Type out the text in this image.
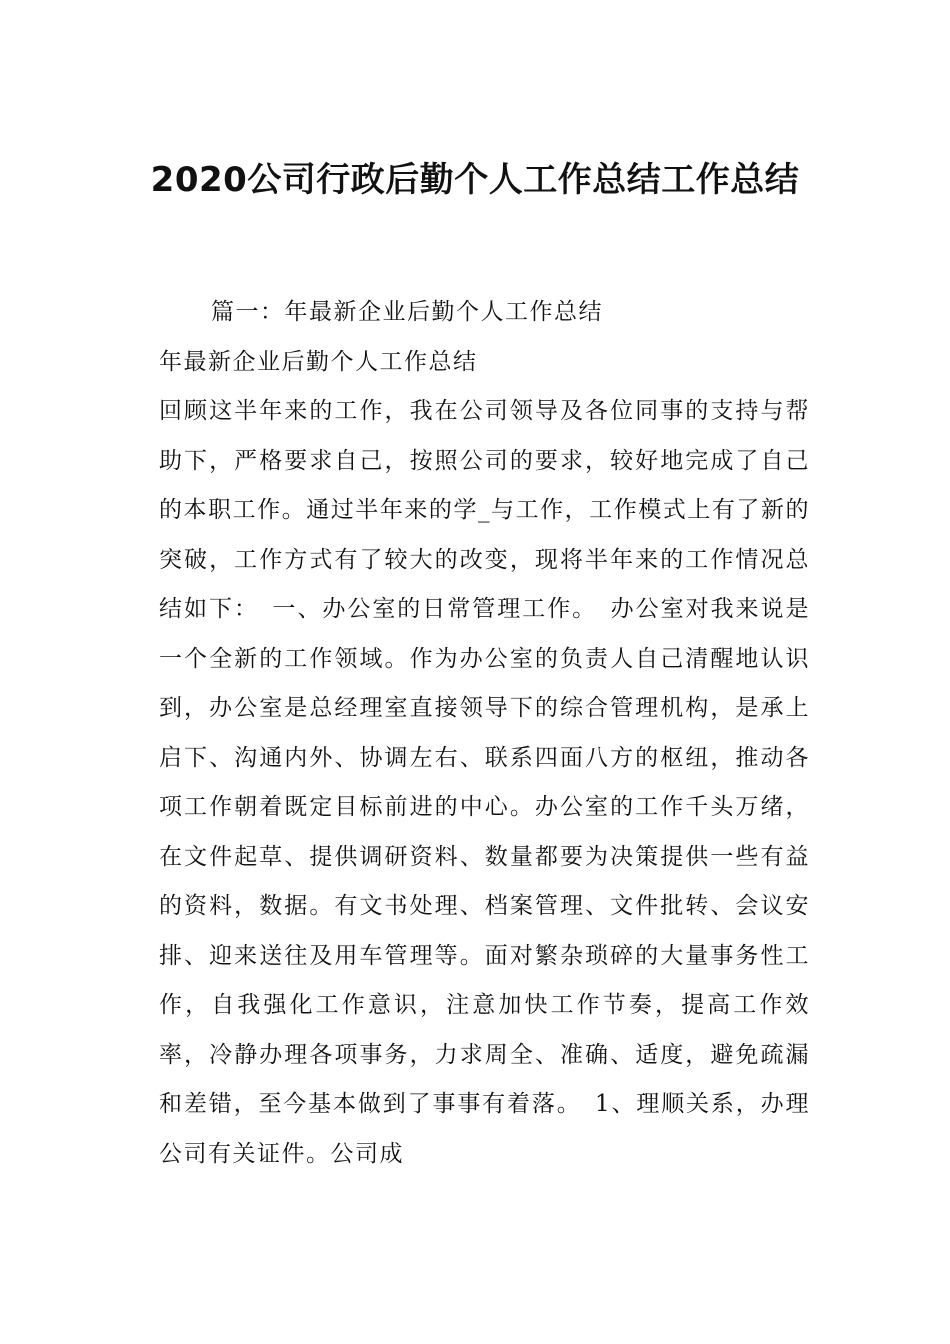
2020公司行政后勤个人工作总结工作总结

篇一：年最新企业后勤个人工作总结

年最新企业后勤个人工作总结

回顾这半年来的工作，我在公司领导及各位同事的支持与帮助下，严格要求自己，按照公司的要求，较好地完成了自己的本职工作。通过半年来的学_与工作，工作模式上有了新的突破，工作方式有了较大的改变，现将半年来的工作情况总结如下：　一、办公室的日常管理工作。　办公室对我来说是一个全新的工作领域。作为办公室的负责人自己清醒地认识到，办公室是总经理室直接领导下的综合管理机构，是承上启下、沟通内外、协调左右、联系四面八方的枢纽，推动各项工作朝着既定目标前进的中心。办公室的工作千头万绪，在文件起草、提供调研资料、数量都要为决策提供一些有益的资料，数据。有文书处理、档案管理、文件批转、会议安排、迎来送往及用车管理等。面对繁杂琐碎的大量事务性工作，自我强化工作意识，注意加快工作节奏，提高工作效率，冷静办理各项事务，力求周全、准确、适度，避免疏漏和差错，至今基本做到了事事有着落。　1、理顺关系，办理公司有关证件。公司成
